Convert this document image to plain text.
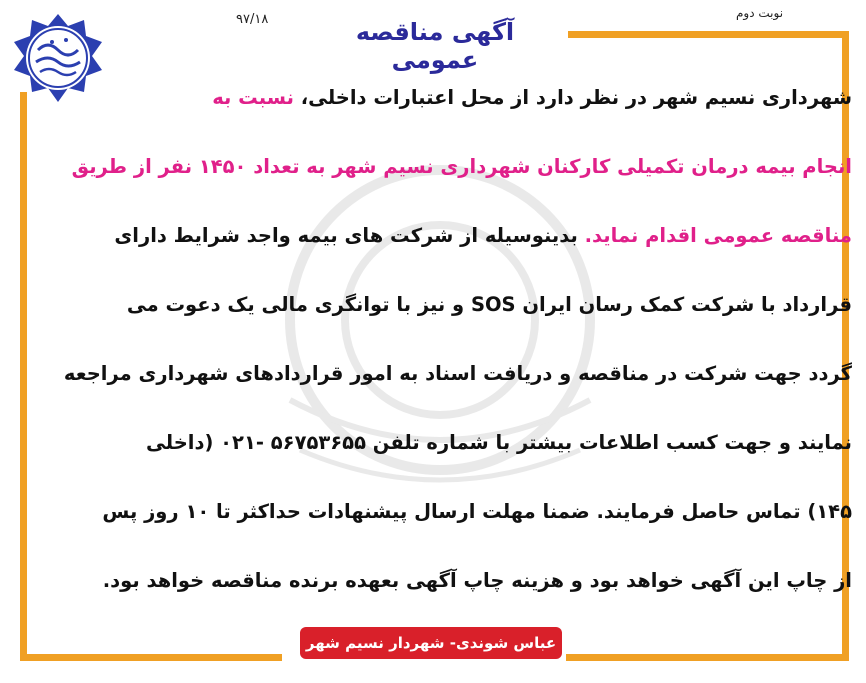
نوبت دوم
۹۷/۱۸	آگهی مناقصه عمومی
شهرداری نسیم شهر در نظر دارد از محل اعتبارات داخلی، نسبت به
انجام بیمه درمان تکمیلی کارکنان شهرداری نسیم شهر به تعداد ۱۴۵۰ نفر از طریق
مناقصه عمومی اقدام نماید. بدینوسیله از شرکت های بیمه واجد شرایط دارای
قرارداد با شرکت کمک رسان ایران SOS و نیز با توانگری مالی یک دعوت می
گردد جهت شرکت در مناقصه و دریافت اسناد به امور قراردادهای شهرداری مراجعه
نمایند و جهت کسب اطلاعات بیشتر با شماره تلفن ۵۶۷۵۳۶۵۵ -۰۲۱ (داخلی
۱۴۵) تماس حاصل فرمایند. ضمنا مهلت ارسال پیشنهادات حداکثر تا ۱۰ روز پس
از چاپ این آگهی خواهد بود و هزینه چاپ آگهی بعهده برنده مناقصه خواهد بود.
عباس شوندی- شهردار نسیم شهر
